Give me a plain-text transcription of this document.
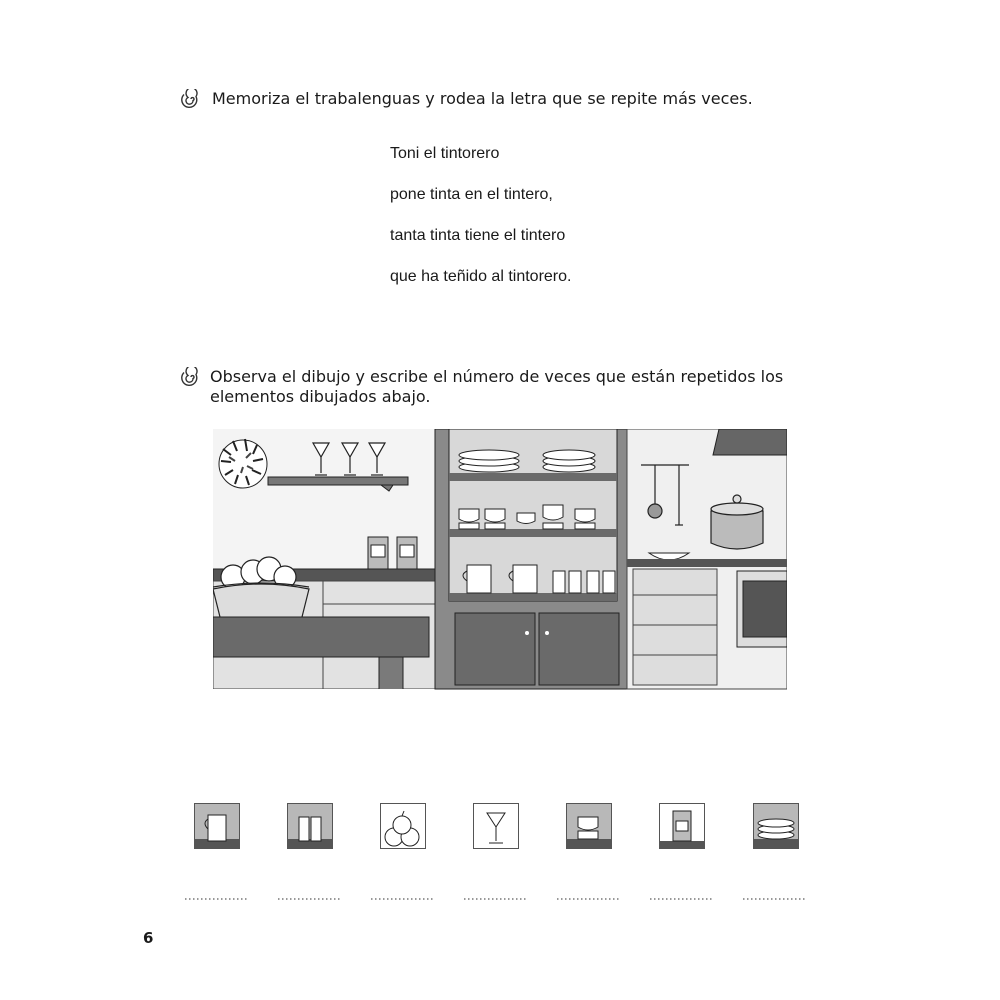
Memoriza el trabalenguas y rodea la letra que se repite más veces.
Toni el tintorero
pone tinta en el tintero,
tanta tinta tiene el tintero
que ha teñido al tintorero.
Observa el dibujo y escribe el número de veces que están repetidos los
elementos dibujados abajo.
6
